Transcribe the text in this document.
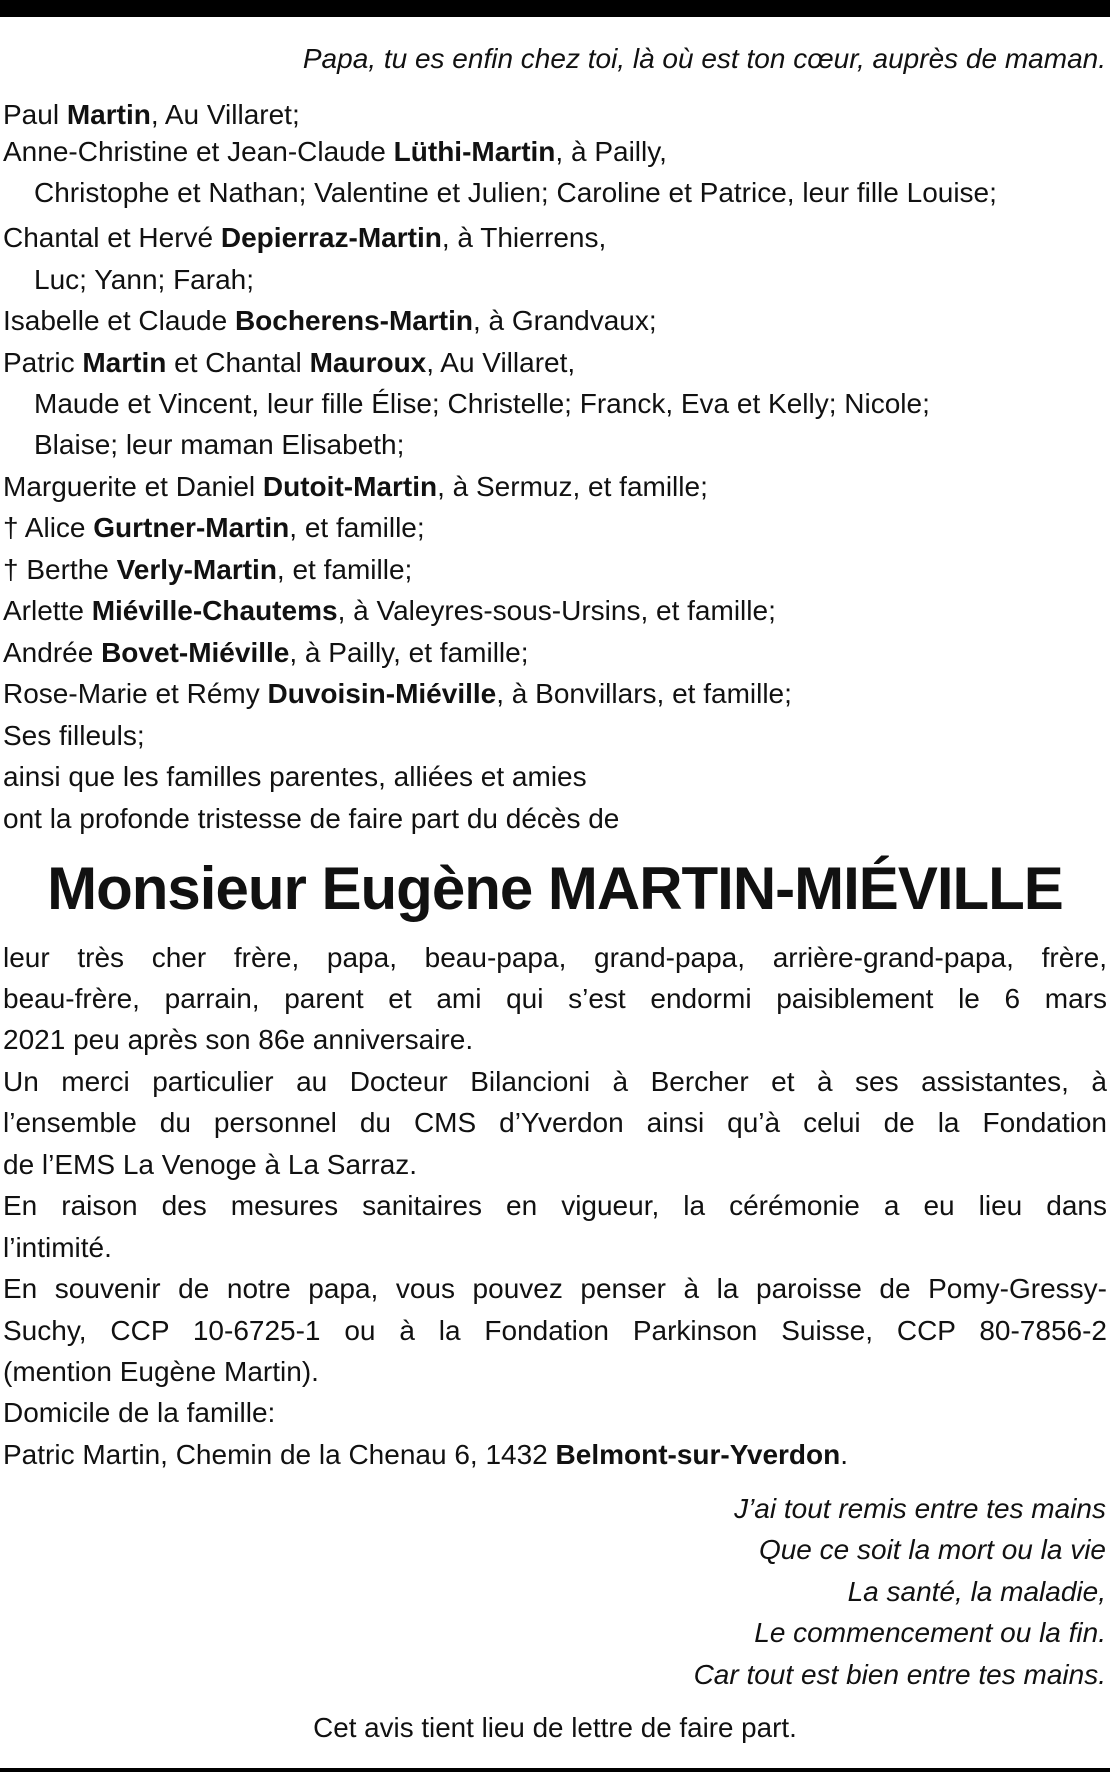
Papa, tu es enfin chez toi, là où est ton cœur, auprès de maman.
Paul Martin, Au Villaret;
Anne-Christine et Jean-Claude Lüthi-Martin, à Pailly,
Christophe et Nathan; Valentine et Julien; Caroline et Patrice, leur fille Louise;
Chantal et Hervé Depierraz-Martin, à Thierrens,
Luc; Yann; Farah;
Isabelle et Claude Bocherens-Martin, à Grandvaux;
Patric Martin et Chantal Mauroux, Au Villaret,
Maude et Vincent, leur fille Élise; Christelle; Franck, Eva et Kelly; Nicole;
Blaise; leur maman Elisabeth;
Marguerite et Daniel Dutoit-Martin, à Sermuz, et famille;
† Alice Gurtner-Martin, et famille;
† Berthe Verly-Martin, et famille;
Arlette Miéville-Chautems, à Valeyres-sous-Ursins, et famille;
Andrée Bovet-Miéville, à Pailly, et famille;
Rose-Marie et Rémy Duvoisin-Miéville, à Bonvillars, et famille;
Ses filleuls;
ainsi que les familles parentes, alliées et amies
ont la profonde tristesse de faire part du décès de
Monsieur Eugène MARTIN-MIÉVILLE
leur très cher frère, papa, beau-papa, grand-papa, arrière-grand-papa, frère,
beau-frère, parrain, parent et ami qui s’est endormi paisiblement le 6 mars
2021 peu après son 86e anniversaire.
Un merci particulier au Docteur Bilancioni à Bercher et à ses assistantes, à
l’ensemble du personnel du CMS d’Yverdon ainsi qu’à celui de la Fondation
de l’EMS La Venoge à La Sarraz.
En raison des mesures sanitaires en vigueur, la cérémonie a eu lieu dans
l’intimité.
En souvenir de notre papa, vous pouvez penser à la paroisse de Pomy-Gressy-
Suchy, CCP 10-6725-1 ou à la Fondation Parkinson Suisse, CCP 80-7856-2
(mention Eugène Martin).
Domicile de la famille:
Patric Martin, Chemin de la Chenau 6, 1432 Belmont-sur-Yverdon.
J’ai tout remis entre tes mains
Que ce soit la mort ou la vie
La santé, la maladie,
Le commencement ou la fin.
Car tout est bien entre tes mains.
Cet avis tient lieu de lettre de faire part.
